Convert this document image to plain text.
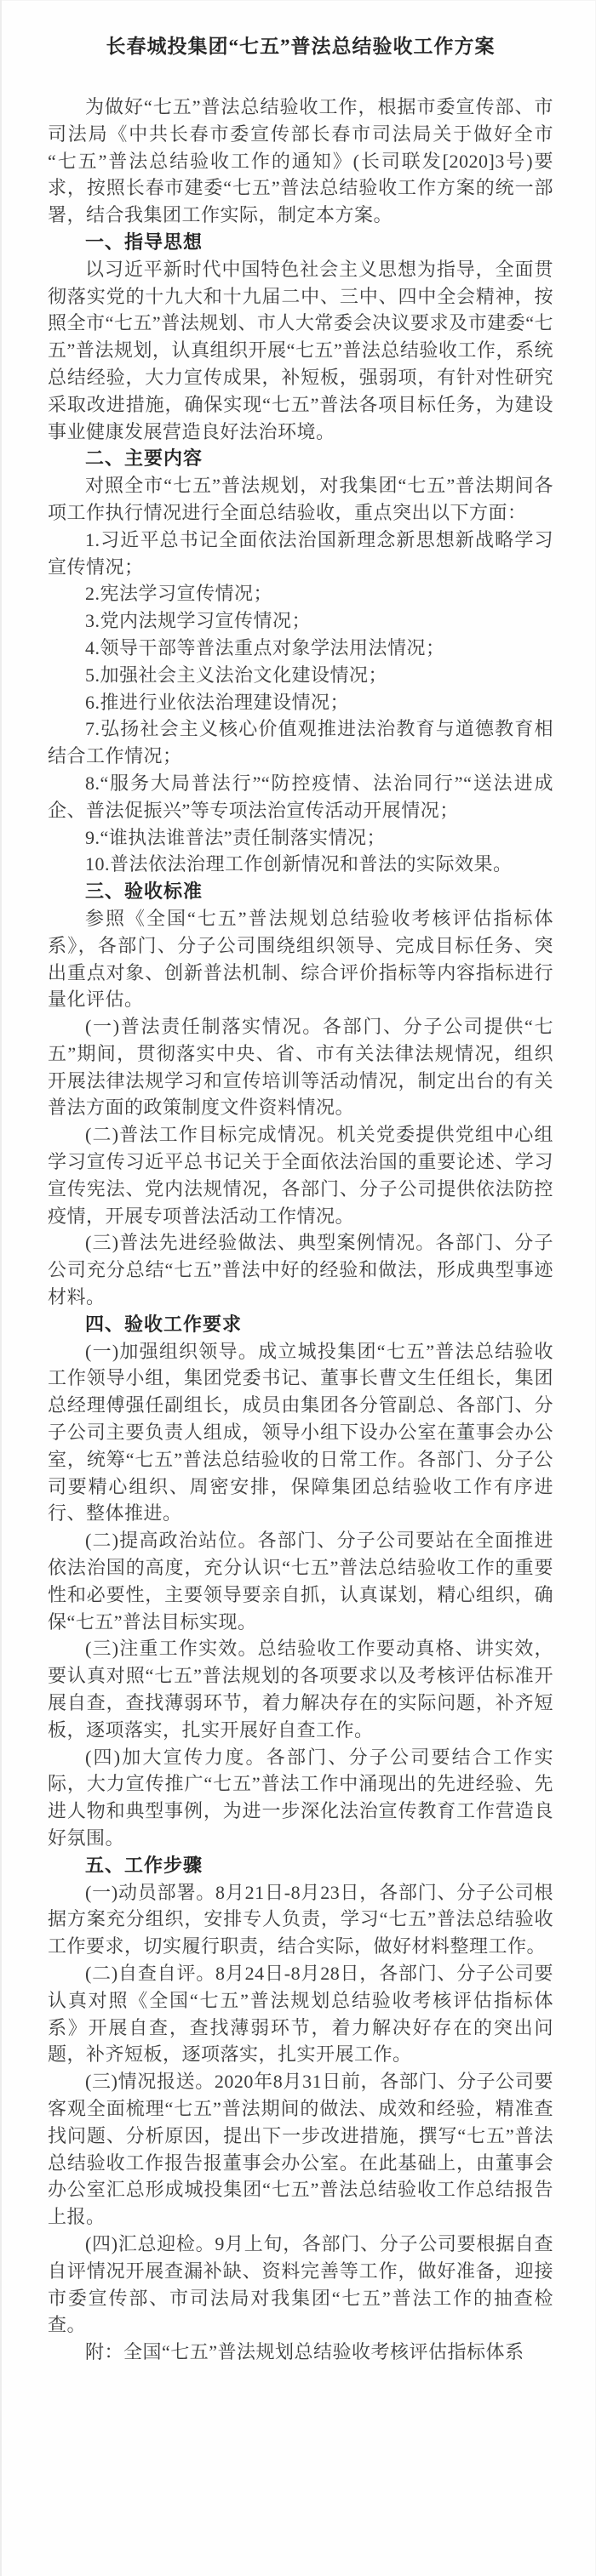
长春城投集团“七五”普法总结验收工作方案

为做好“七五”普法总结验收工作，根据市委宣传部、市司法局《中共长春市委宣传部长春市司法局关于做好全市“七五”普法总结验收工作的通知》(长司联发[2020]3号)要求，按照长春市建委“七五”普法总结验收工作方案的统一部署，结合我集团工作实际，制定本方案。

一、指导思想

以习近平新时代中国特色社会主义思想为指导，全面贯彻落实党的十九大和十九届二中、三中、四中全会精神，按照全市“七五”普法规划、市人大常委会决议要求及市建委“七五”普法规划，认真组织开展“七五”普法总结验收工作，系统总结经验，大力宣传成果，补短板，强弱项，有针对性研究采取改进措施，确保实现“七五”普法各项目标任务，为建设事业健康发展营造良好法治环境。

二、主要内容

对照全市“七五”普法规划，对我集团“七五”普法期间各项工作执行情况进行全面总结验收，重点突出以下方面：

1.习近平总书记全面依法治国新理念新思想新战略学习宣传情况；

2.宪法学习宣传情况；

3.党内法规学习宣传情况；

4.领导干部等普法重点对象学法用法情况；

5.加强社会主义法治文化建设情况；

6.推进行业依法治理建设情况；

7.弘扬社会主义核心价值观推进法治教育与道德教育相结合工作情况；

8.“服务大局普法行”“防控疫情、法治同行”“送法进成企、普法促振兴”等专项法治宣传活动开展情况；

9.“谁执法谁普法”责任制落实情况；

10.普法依法治理工作创新情况和普法的实际效果。

三、验收标准

参照《全国“七五”普法规划总结验收考核评估指标体系》，各部门、分子公司围绕组织领导、完成目标任务、突出重点对象、创新普法机制、综合评价指标等内容指标进行量化评估。

(一)普法责任制落实情况。各部门、分子公司提供“七五”期间，贯彻落实中央、省、市有关法律法规情况，组织开展法律法规学习和宣传培训等活动情况，制定出台的有关普法方面的政策制度文件资料情况。

(二)普法工作目标完成情况。机关党委提供党组中心组学习宣传习近平总书记关于全面依法治国的重要论述、学习宣传宪法、党内法规情况，各部门、分子公司提供依法防控疫情，开展专项普法活动工作情况。

(三)普法先进经验做法、典型案例情况。各部门、分子公司充分总结“七五”普法中好的经验和做法，形成典型事迹材料。

四、验收工作要求

(一)加强组织领导。成立城投集团“七五”普法总结验收工作领导小组，集团党委书记、董事长曹文生任组长，集团总经理傅强任副组长，成员由集团各分管副总、各部门、分子公司主要负责人组成，领导小组下设办公室在董事会办公室，统筹“七五”普法总结验收的日常工作。各部门、分子公司要精心组织、周密安排，保障集团总结验收工作有序进行、整体推进。

(二)提高政治站位。各部门、分子公司要站在全面推进依法治国的高度，充分认识“七五”普法总结验收工作的重要性和必要性，主要领导要亲自抓，认真谋划，精心组织，确保“七五”普法目标实现。

(三)注重工作实效。总结验收工作要动真格、讲实效，要认真对照“七五”普法规划的各项要求以及考核评估标准开展自查，查找薄弱环节，着力解决存在的实际问题，补齐短板，逐项落实，扎实开展好自查工作。

(四)加大宣传力度。各部门、分子公司要结合工作实际，大力宣传推广“七五”普法工作中涌现出的先进经验、先进人物和典型事例，为进一步深化法治宣传教育工作营造良好氛围。

五、工作步骤

(一)动员部署。8月21日-8月23日，各部门、分子公司根据方案充分组织，安排专人负责，学习“七五”普法总结验收工作要求，切实履行职责，结合实际，做好材料整理工作。

(二)自查自评。8月24日-8月28日，各部门、分子公司要认真对照《全国“七五”普法规划总结验收考核评估指标体系》开展自查，查找薄弱环节，着力解决好存在的突出问题，补齐短板，逐项落实，扎实开展工作。

(三)情况报送。2020年8月31日前，各部门、分子公司要客观全面梳理“七五”普法期间的做法、成效和经验，精准查找问题、分析原因，提出下一步改进措施，撰写“七五”普法总结验收工作报告报董事会办公室。在此基础上，由董事会办公室汇总形成城投集团“七五”普法总结验收工作总结报告上报。

(四)汇总迎检。9月上旬，各部门、分子公司要根据自查自评情况开展查漏补缺、资料完善等工作，做好准备，迎接市委宣传部、市司法局对我集团“七五”普法工作的抽查检查。

附：全国“七五”普法规划总结验收考核评估指标体系
